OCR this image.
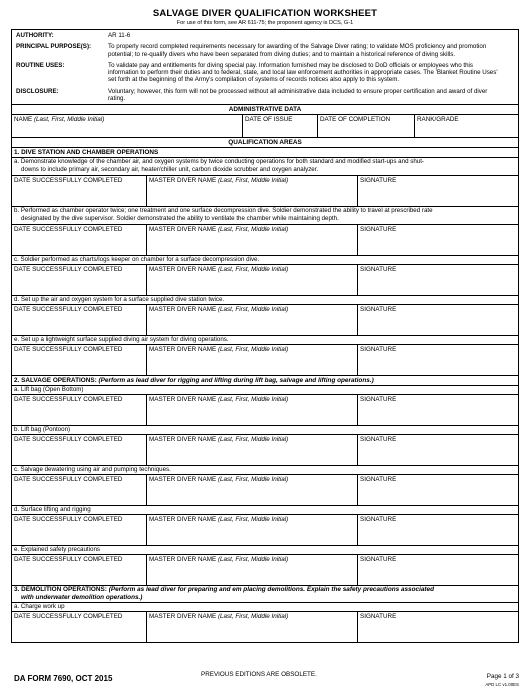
SALVAGE DIVER QUALIFICATION WORKSHEET
For use of this form, see AR 611-75; the proponent agency is DCS, G-1
AUTHORITY:	AR 11-6
PRINCIPAL PURPOSE(S):	To properly record completed requirements necessary for awarding of the Salvage Diver rating; to validate MOS proficiency and promotion potential; to re-qualify divers who have been separated from diving duties; and to maintain a historical reference of diving skills.
ROUTINE USES:	To validate pay and entitlements for diving special pay. Information furnished may be disclosed to DoD officials or employees who this information to perform their duties and to federal, state, and local law enforcement authorities in appropriate cases. The 'Blanket Routine Uses' set forth at the beginning of the Army's compilation of systems of records notices also apply to this system.
DISCLOSURE:	Voluntary; however, this form will not be processed without all administrative data included to ensure proper certification and award of diver rating.
ADMINISTRATIVE DATA
NAME (Last, First, Middle Initial)	DATE OF ISSUE	DATE OF COMPLETION	RANK/GRADE
QUALIFICATION AREAS
1. DIVE STATION AND CHAMBER OPERATIONS
a. Demonstrate knowledge of the chamber air, and oxygen systems by twice conducting operations for both standard and modified start-ups and shut-
downs to include primary air, secondary air, heater/chiller unit, carbon dioxide scrubber and oxygen analyzer.
DATE SUCCESSFULLY COMPLETED	MASTER DIVER NAME (Last, First, Middle Initial)	SIGNATURE
b. Performed as chamber operator twice; one treatment and one surface decompression dive. Soldier demonstrated the ability to travel at prescribed rate
designated by the dive supervisor. Soldier demonstrated the ability to ventilate the chamber while maintaining depth.
DATE SUCCESSFULLY COMPLETED	MASTER DIVER NAME (Last, First, Middle Initial)	SIGNATURE
c. Soldier performed as charts/logs keeper on chamber for a surface decompression dive.
DATE SUCCESSFULLY COMPLETED	MASTER DIVER NAME (Last, First, Middle Initial)	SIGNATURE
d. Set up the air and oxygen system for a surface supplied dive station twice.
DATE SUCCESSFULLY COMPLETED	MASTER DIVER NAME (Last, First, Middle Initial)	SIGNATURE
e. Set up a lightweight surface supplied diving air system for diving operations.
DATE SUCCESSFULLY COMPLETED	MASTER DIVER NAME (Last, First, Middle Initial)	SIGNATURE
2. SALVAGE OPERATIONS: (Perform as lead diver for rigging and lifting during lift bag, salvage and lifting operations.)
a. Lift bag (Open Bottom)
DATE SUCCESSFULLY COMPLETED	MASTER DIVER NAME (Last, First, Middle Initial)	SIGNATURE
b. Lift bag (Pontoon)
DATE SUCCESSFULLY COMPLETED	MASTER DIVER NAME (Last, First, Middle Initial)	SIGNATURE
c. Salvage dewatering using air and pumping techniques.
DATE SUCCESSFULLY COMPLETED	MASTER DIVER NAME (Last, First, Middle Initial)	SIGNATURE
d. Surface lifting and rigging
DATE SUCCESSFULLY COMPLETED	MASTER DIVER NAME (Last, First, Middle Initial)	SIGNATURE
e. Explained safety precautions
DATE SUCCESSFULLY COMPLETED	MASTER DIVER NAME (Last, First, Middle Initial)	SIGNATURE
3. DEMOLITION OPERATIONS: (Perform as lead diver for preparing and em placing demolitions. Explain the safety precautions associated
with underwater demolition operations.)
a. Charge work up
DATE SUCCESSFULLY COMPLETED	MASTER DIVER NAME (Last, First, Middle Initial)	SIGNATURE
DA FORM 7690, OCT 2015	PREVIOUS EDITIONS ARE OBSOLETE.	Page 1 of 3
APD LC v1.00ES
